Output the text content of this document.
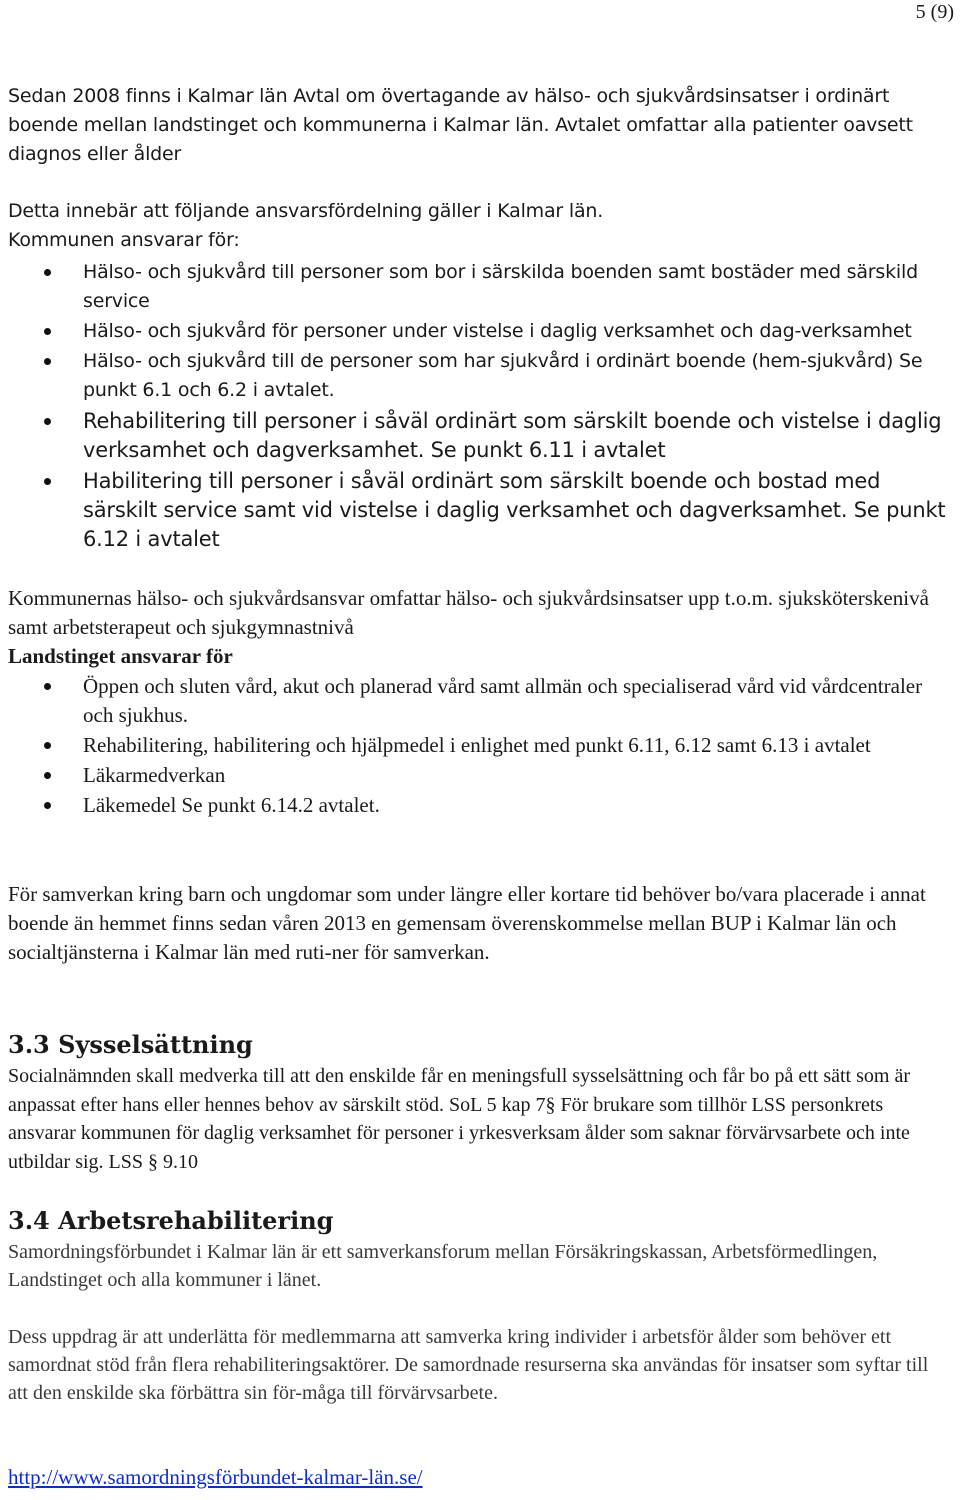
5 (9)

Sedan 2008 finns i Kalmar län Avtal om övertagande av hälso- och sjukvårdsinsatser i ordinärt boende mellan landstinget och kommunerna i Kalmar län. Avtalet omfattar alla patienter oavsett diagnos eller ålder

Detta innebär att följande ansvarsfördelning gäller i Kalmar län.

Kommunen ansvarar för:

Hälso- och sjukvård till personer som bor i särskilda boenden samt bostäder med särskild service
Hälso- och sjukvård för personer under vistelse i daglig verksamhet och dag-verksamhet
Hälso- och sjukvård till de personer som har sjukvård i ordinärt boende (hem-sjukvård) Se punkt 6.1 och 6.2 i avtalet.
Rehabilitering till personer i såväl ordinärt som särskilt boende och vistelse i daglig verksamhet och dagverksamhet. Se punkt 6.11 i avtalet
Habilitering till personer i såväl ordinärt som särskilt boende och bostad med särskilt service samt vid vistelse i daglig verksamhet och dagverksamhet. Se punkt 6.12 i avtalet

Kommunernas hälso- och sjukvårdsansvar omfattar hälso- och sjukvårdsinsatser upp t.o.m. sjuksköterskenivå samt arbetsterapeut och sjukgymnastnivå

Landstinget ansvarar för

Öppen och sluten vård, akut och planerad vård samt allmän och specialiserad vård vid vårdcentraler och sjukhus.
Rehabilitering, habilitering och hjälpmedel i enlighet med punkt 6.11, 6.12 samt 6.13 i avtalet
Läkarmedverkan
Läkemedel Se punkt 6.14.2 avtalet.

För samverkan kring barn och ungdomar som under längre eller kortare tid behöver bo/vara placerade i annat boende än hemmet finns sedan våren 2013 en gemensam överenskommelse mellan BUP i Kalmar län och socialtjänsterna i Kalmar län med ruti-ner för samverkan.

3.3 Sysselsättning

Socialnämnden skall medverka till att den enskilde får en meningsfull sysselsättning och får bo på ett sätt som är anpassat efter hans eller hennes behov av särskilt stöd. SoL 5 kap 7§ För brukare som tillhör LSS personkrets ansvarar kommunen för daglig verksamhet för personer i yrkesverksam ålder som saknar förvärvsarbete och inte utbildar sig. LSS § 9.10

3.4 Arbetsrehabilitering

Samordningsförbundet i Kalmar län är ett samverkansforum mellan Försäkringskassan, Arbetsförmedlingen, Landstinget och alla kommuner i länet.

Dess uppdrag är att underlätta för medlemmarna att samverka kring individer i arbetsför ålder som behöver ett samordnat stöd från flera rehabiliteringsaktörer. De samordnade resurserna ska användas för insatser som syftar till att den enskilde ska förbättra sin för-måga till förvärvsarbete.

http://www.samordningsförbundet-kalmar-län.se/
